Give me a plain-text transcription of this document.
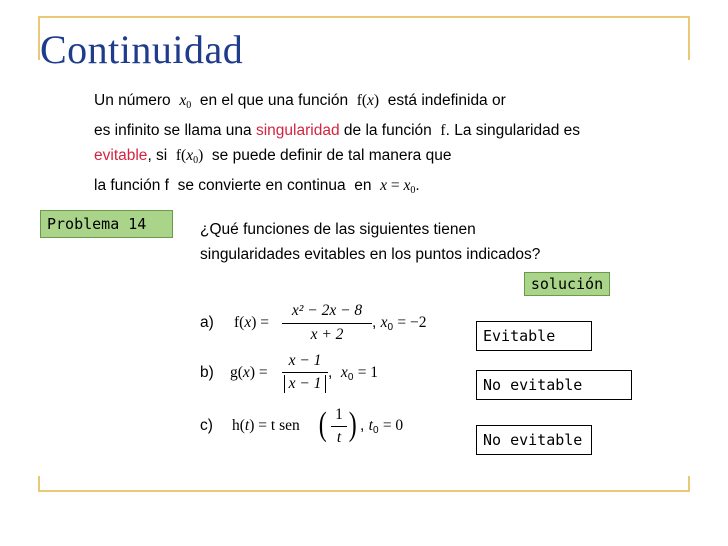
Continuidad
Un número $x_0$ en el que una función f(x) está indefinida or
es infinito se llama una singularidad de la función f. La singularidad es
evitable, si $f(x_0)$ se puede definir de tal manera que
la función f se convierte en continua en $x = x_0$.
Problema 14	¿Qué funciones de las siguientes tienen
singularidades evitables en los puntos indicados?
solución
a) f(x) =
x² − 2x − 8
x + 2
, $x_0 = -2$
Evitable
b) g(x) =
x − 1
x − 1
,  $x_0 = 1$
No evitable
c) h(t) = t sen ( 1
t ) , $t_0 = 0$
No evitable
